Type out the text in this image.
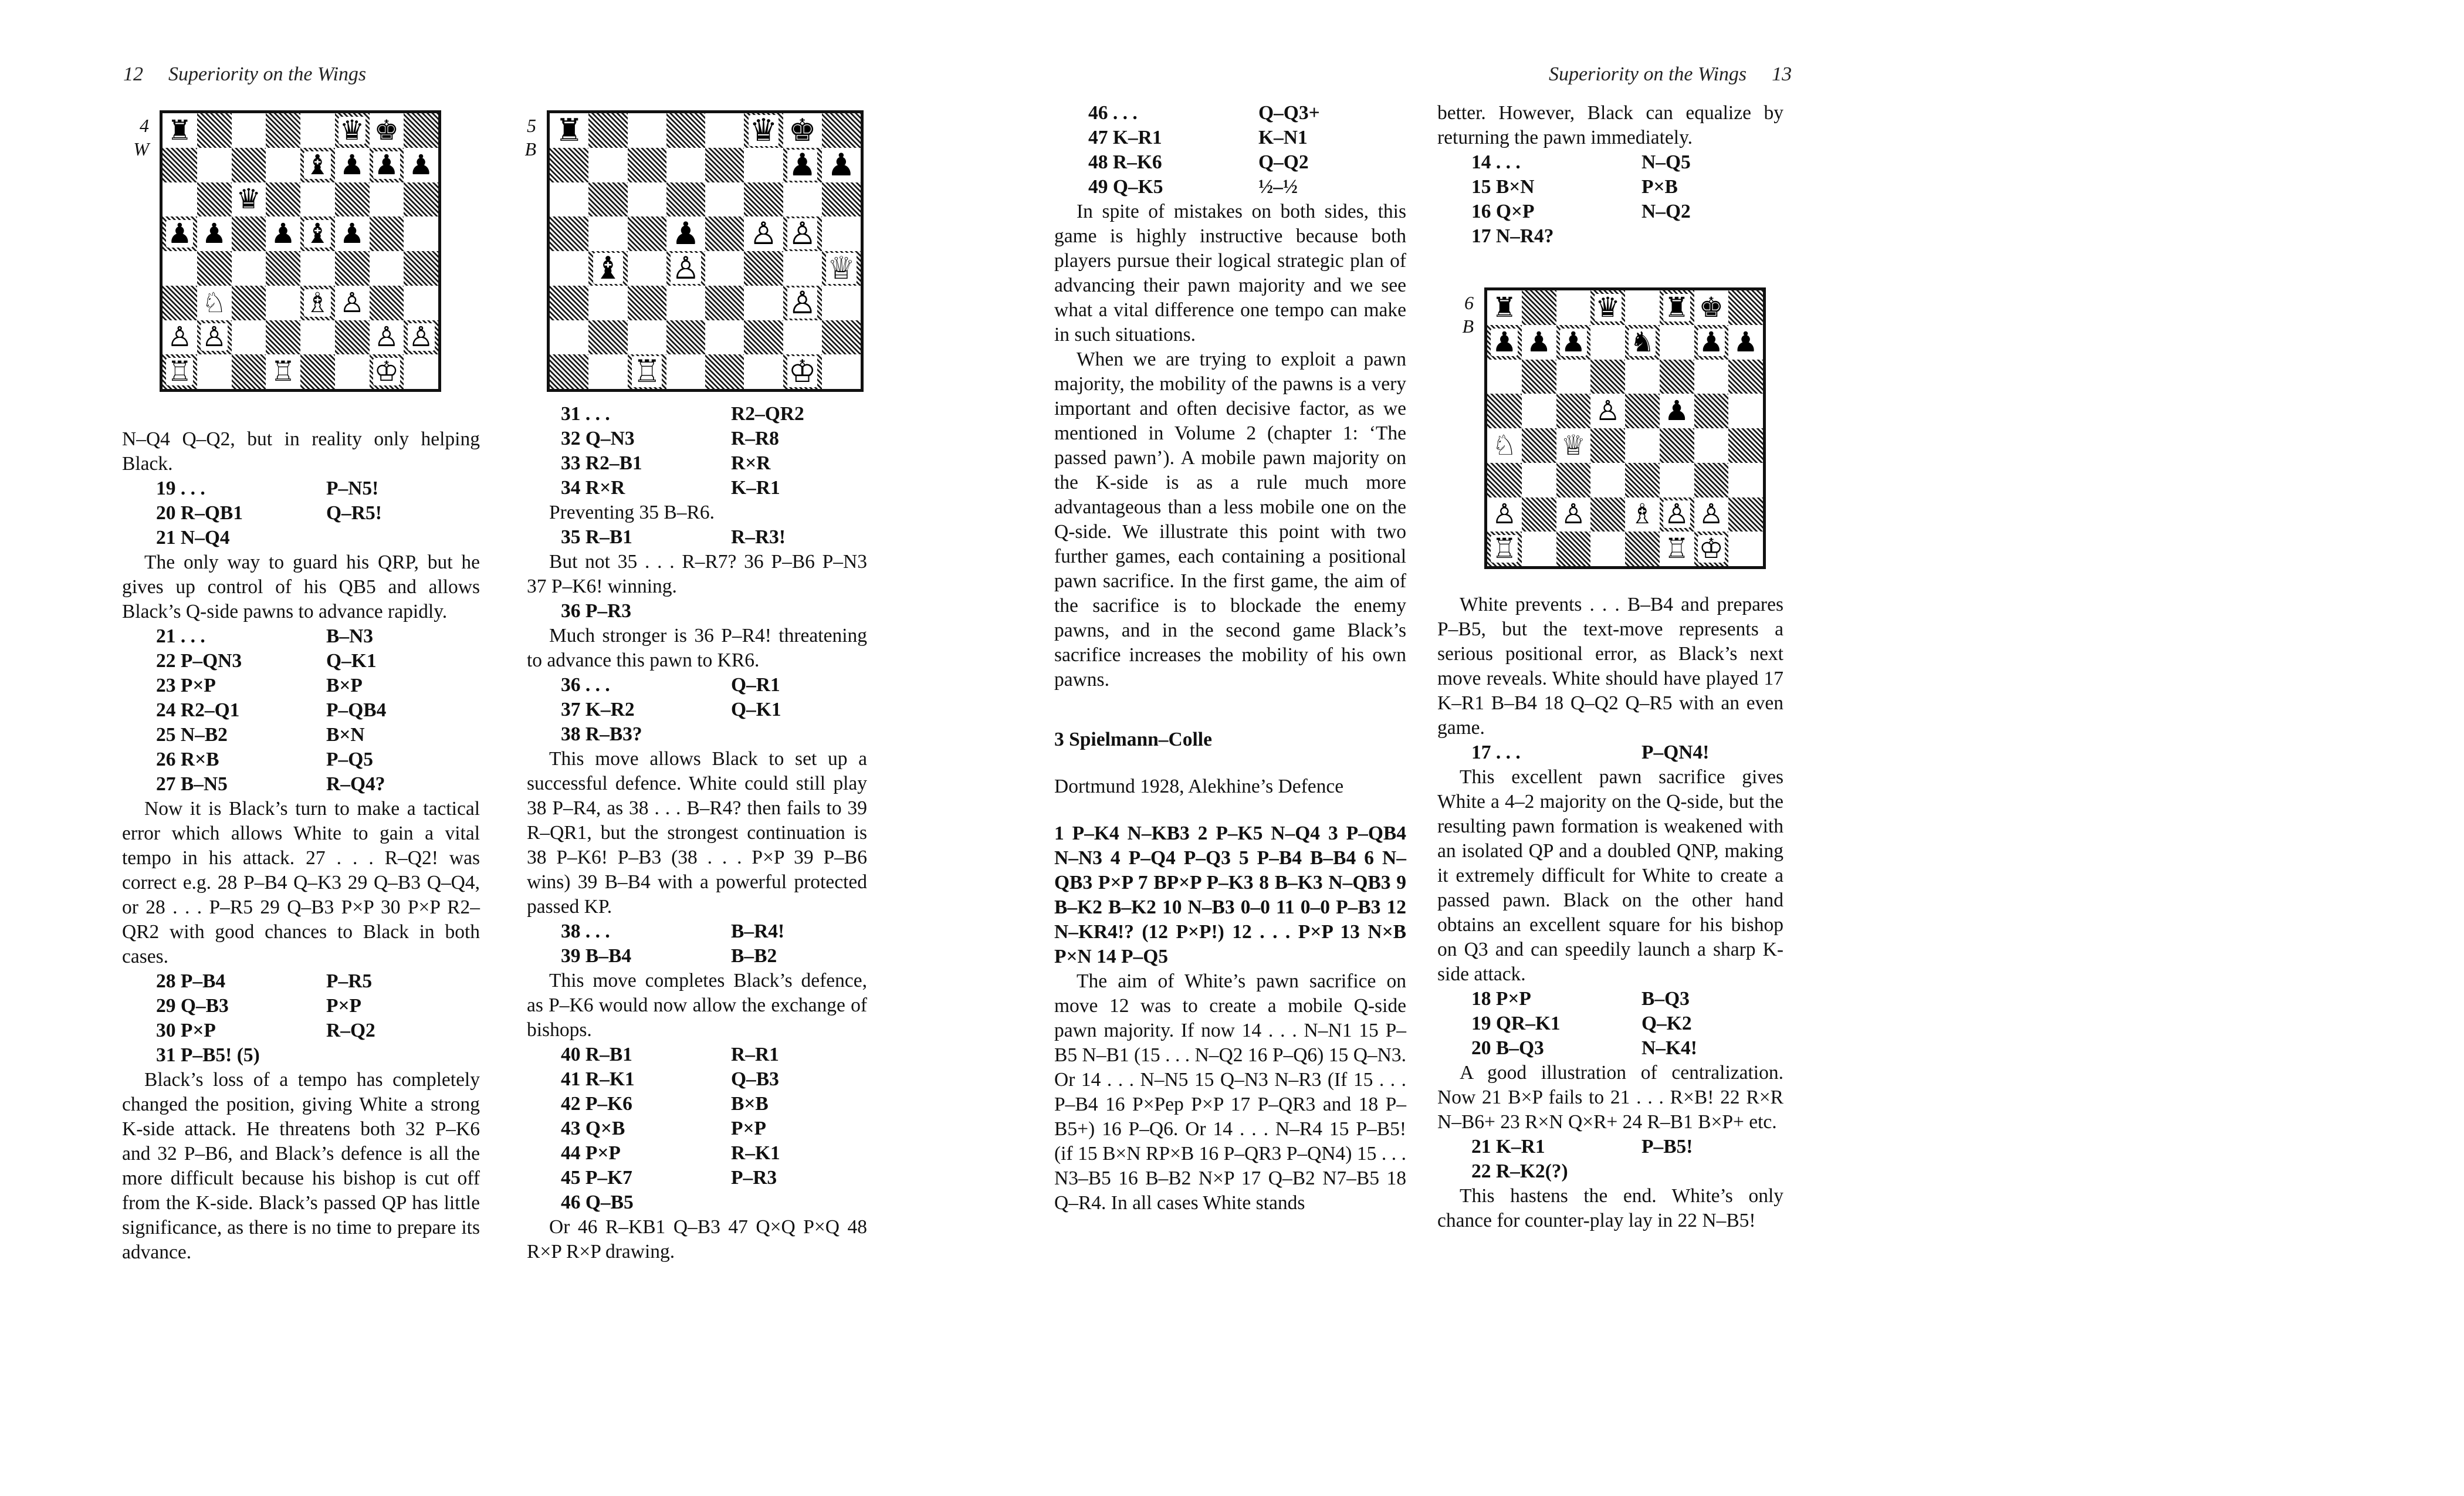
12 Superiority on the Wings
4
W
♜	♛ ♚
♝ ♟ ♟ ♟
♛
♟ ♟ ♟ ♝ ♟
♘	♗ ♙
♙ ♙	♙ ♙
♖	♖	♔

N–Q4 Q–Q2, but in reality only helping Black.

19 . . .	P–N5!
20 R–QB1	Q–R5!
21 N–Q4

The only way to guard his QRP, but he gives up control of his QB5 and allows Black’s Q-side pawns to advance rapidly.

21 . . .	B–N3
22 P–QN3	Q–K1
23 P×P	B×P
24 R2–Q1	P–QB4
25 N–B2	B×N
26 R×B	P–Q5
27 B–N5	R–Q4?

Now it is Black’s turn to make a tactical error which allows White to gain a vital tempo in his attack. 27 . . . R–Q2! was correct e.g. 28 P–B4 Q–K3 29 Q–B3 Q–Q4, or 28 . . . P–R5 29 Q–B3 P×P 30 P×P R2–QR2 with good chances to Black in both cases.

28 P–B4	P–R5
29 Q–B3	P×P
30 P×P	R–Q2
31 P–B5! (5)

Black’s loss of a tempo has completely changed the position, giving White a strong K-side attack. He threatens both 32 P–K6 and 32 P–B6, and Black’s defence is all the more difficult because his bishop is cut off from the K-side. Black’s passed QP has little significance, as there is no time to prepare its advance.

5
B
♜	♛ ♚
♟ ♟
♟ ♙ ♙
♝ ♙	♕
♙
♖	♔
31 . . .	R2–QR2
32 Q–N3	R–R8
33 R2–B1	R×R
34 R×R	K–R1

Preventing 35 B–R6.

35 R–B1	R–R3!

But not 35 . . . R–R7? 36 P–B6 P–N3 37 P–K6! winning.

36 P–R3

Much stronger is 36 P–R4! threatening to advance this pawn to KR6.

36 . . .	Q–R1
37 K–R2	Q–K1
38 R–B3?

This move allows Black to set up a successful defence. White could still play 38 P–R4, as 38 . . . B–R4? then fails to 39 R–QR1, but the strongest continuation is 38 P–K6! P–B3 (38 . . . P×P 39 P–B6 wins) 39 B–B4 with a powerful protected passed KP.

38 . . .	B–R4!
39 B–B4	B–B2

This move completes Black’s defence, as P–K6 would now allow the exchange of bishops.

40 R–B1	R–R1
41 R–K1	Q–B3
42 P–K6	B×B
43 Q×B	P×P
44 P×P	R–K1
45 P–K7	P–R3
46 Q–B5

Or 46 R–KB1 Q–B3 47 Q×Q P×Q 48 R×P R×P drawing.

Superiority on the Wings 13
46 . . .	Q–Q3+
47 K–R1	K–N1
48 R–K6	Q–Q2
49 Q–K5	½–½

In spite of mistakes on both sides, this game is highly instructive because both players pursue their logical strategic plan of advancing their pawn majority and we see what a vital difference one tempo can make in such situations.

When we are trying to exploit a pawn majority, the mobility of the pawns is a very important and often decisive factor, as we mentioned in Volume 2 (chapter 1: ‘The passed pawn’). A mobile pawn majority on the K-side is as a rule much more advantageous than a less mobile one on the Q-side. We illustrate this point with two further games, each containing a positional pawn sacrifice. In the first game, the aim of the sacrifice is to blockade the enemy pawns, and in the second game Black’s sacrifice increases the mobility of his own pawns.

3 Spielmann–Colle

Dortmund 1928, Alekhine’s Defence

1 P–K4 N–KB3 2 P–K5 N–Q4 3 P–QB4 N–N3 4 P–Q4 P–Q3 5 P–B4 B–B4 6 N–QB3 P×P 7 BP×P P–K3 8 B–K3 N–QB3 9 B–K2 B–K2 10 N–B3 0–0 11 0–0 P–B3 12 N–KR4!? (12 P×P!) 12 . . . P×P 13 N×B P×N 14 P–Q5

The aim of White’s pawn sacrifice on move 12 was to create a mobile Q-side pawn majority. If now 14 . . . N–N1 15 P–B5 N–B1 (15 . . . N–Q2 16 P–Q6) 15 Q–N3. Or 14 . . . N–N5 15 Q–N3 N–R3 (If 15 . . . P–B4 16 P×Pep P×P 17 P–QR3 and 18 P–B5+) 16 P–Q6. Or 14 . . . N–R4 15 P–B5! (if 15 B×N RP×B 16 P–QR3 P–QN4) 15 . . . N3–B5 16 B–B2 N×P 17 Q–B2 N7–B5 18 Q–R4. In all cases White stands

better. However, Black can equalize by returning the pawn immediately.

14 . . .	N–Q5
15 B×N	P×B
16 Q×P	N–Q2
17 N–R4?
6
B
♜	♛ ♜ ♚
♟ ♟ ♟ ♞ ♟ ♟
♙ ♟
♘ ♕
♙ ♙ ♗ ♙ ♙
♖	♖ ♔

White prevents . . . B–B4 and prepares P–B5, but the text-move represents a serious positional error, as Black’s next move reveals. White should have played 17 K–R1 B–B4 18 Q–Q2 Q–R5 with an even game.

17 . . .	P–QN4!

This excellent pawn sacrifice gives White a 4–2 majority on the Q-side, but the resulting pawn formation is weakened with an isolated QP and a doubled QNP, making it extremely difficult for White to create a passed pawn. Black on the other hand obtains an excellent square for his bishop on Q3 and can speedily launch a sharp K-side attack.

18 P×P	B–Q3
19 QR–K1	Q–K2
20 B–Q3	N–K4!

A good illustration of centralization. Now 21 B×P fails to 21 . . . R×B! 22 R×R N–B6+ 23 R×N Q×R+ 24 R–B1 B×P+ etc.

21 K–R1	P–B5!
22 R–K2(?)

This hastens the end. White’s only chance for counter-play lay in 22 N–B5!
